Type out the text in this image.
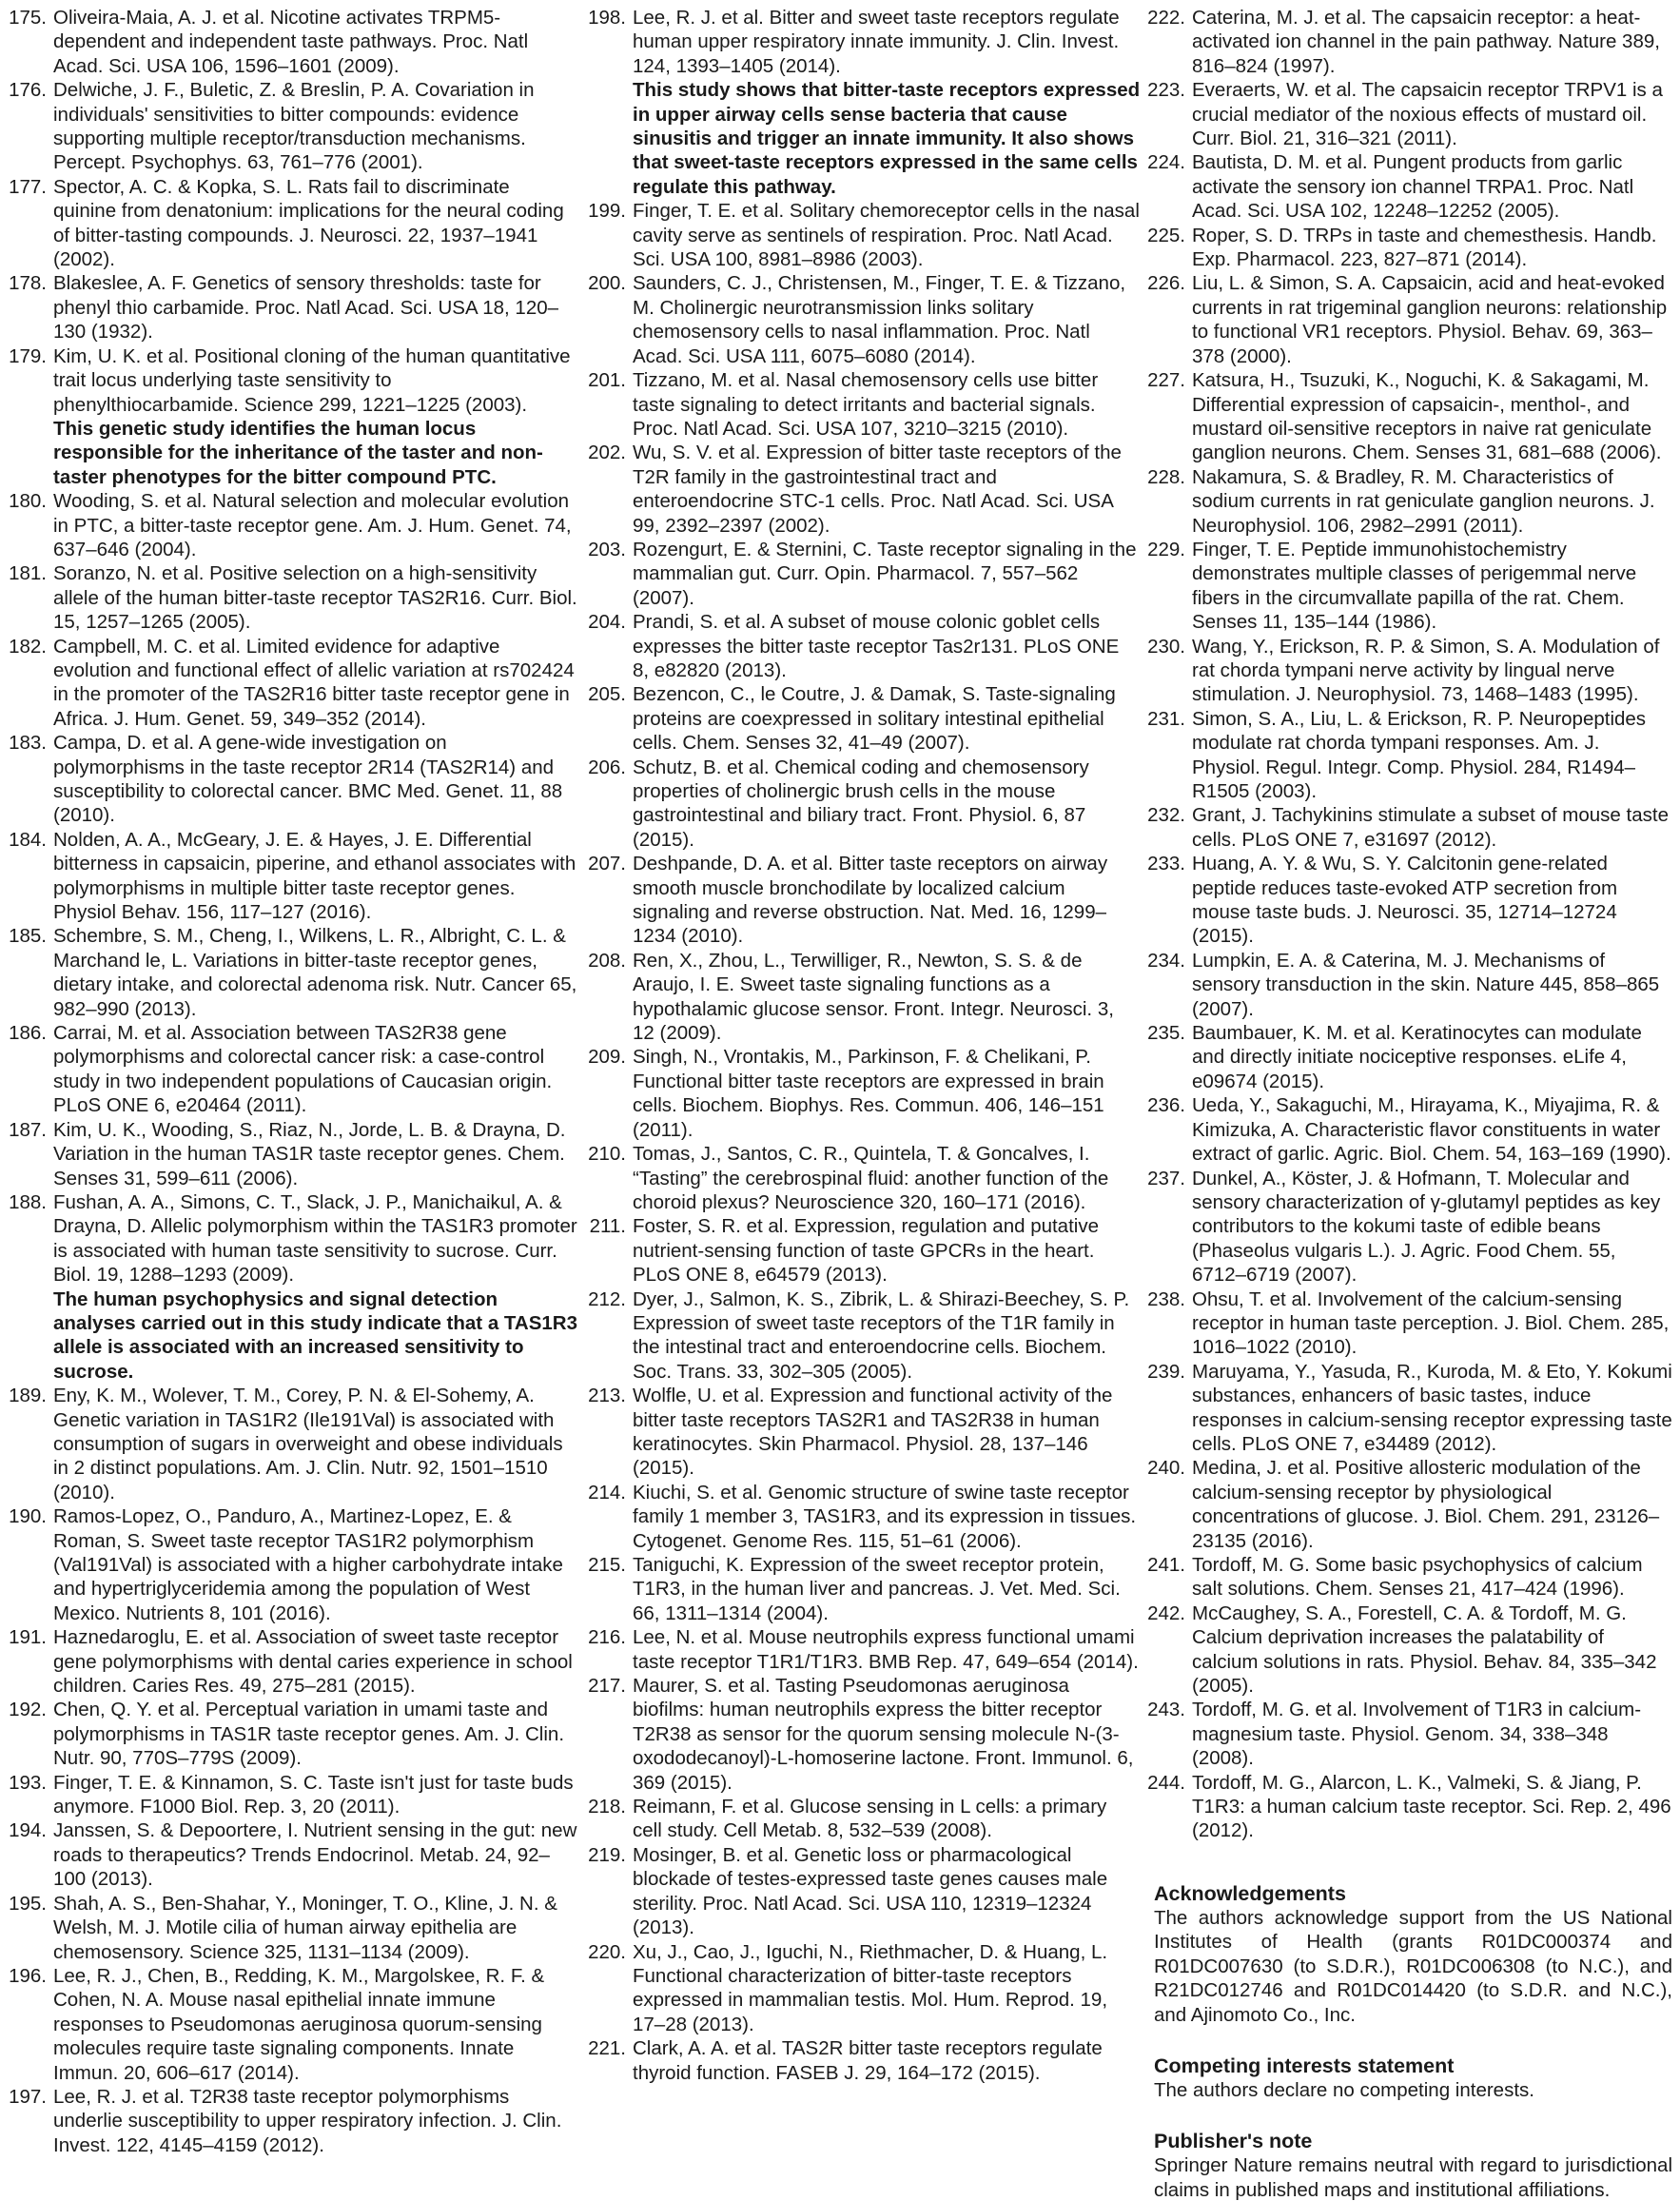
175. Oliveira-Maia, A. J. et al. Nicotine activates TRPM5-dependent and independent taste pathways. Proc. Natl Acad. Sci. USA 106, 1596–1601 (2009).
176. Delwiche, J. F., Buletic, Z. & Breslin, P. A. Covariation in individuals' sensitivities to bitter compounds: evidence supporting multiple receptor/transduction mechanisms. Percept. Psychophys. 63, 761–776 (2001).
177. Spector, A. C. & Kopka, S. L. Rats fail to discriminate quinine from denatonium: implications for the neural coding of bitter-tasting compounds. J. Neurosci. 22, 1937–1941 (2002).
178. Blakeslee, A. F. Genetics of sensory thresholds: taste for phenyl thio carbamide. Proc. Natl Acad. Sci. USA 18, 120–130 (1932).
179. Kim, U. K. et al. Positional cloning of the human quantitative trait locus underlying taste sensitivity to phenylthiocarbamide. Science 299, 1221–1225 (2003).
This genetic study identifies the human locus responsible for the inheritance of the taster and non-taster phenotypes for the bitter compound PTC.
180. Wooding, S. et al. Natural selection and molecular evolution in PTC, a bitter-taste receptor gene. Am. J. Hum. Genet. 74, 637–646 (2004).
181. Soranzo, N. et al. Positive selection on a high-sensitivity allele of the human bitter-taste receptor TAS2R16. Curr. Biol. 15, 1257–1265 (2005).
182. Campbell, M. C. et al. Limited evidence for adaptive evolution and functional effect of allelic variation at rs702424 in the promoter of the TAS2R16 bitter taste receptor gene in Africa. J. Hum. Genet. 59, 349–352 (2014).
183. Campa, D. et al. A gene-wide investigation on polymorphisms in the taste receptor 2R14 (TAS2R14) and susceptibility to colorectal cancer. BMC Med. Genet. 11, 88 (2010).
184. Nolden, A. A., McGeary, J. E. & Hayes, J. E. Differential bitterness in capsaicin, piperine, and ethanol associates with polymorphisms in multiple bitter taste receptor genes. Physiol Behav. 156, 117–127 (2016).
185. Schembre, S. M., Cheng, I., Wilkens, L. R., Albright, C. L. & Marchand le, L. Variations in bitter-taste receptor genes, dietary intake, and colorectal adenoma risk. Nutr. Cancer 65, 982–990 (2013).
186. Carrai, M. et al. Association between TAS2R38 gene polymorphisms and colorectal cancer risk: a case-control study in two independent populations of Caucasian origin. PLoS ONE 6, e20464 (2011).
187. Kim, U. K., Wooding, S., Riaz, N., Jorde, L. B. & Drayna, D. Variation in the human TAS1R taste receptor genes. Chem. Senses 31, 599–611 (2006).
188. Fushan, A. A., Simons, C. T., Slack, J. P., Manichaikul, A. & Drayna, D. Allelic polymorphism within the TAS1R3 promoter is associated with human taste sensitivity to sucrose. Curr. Biol. 19, 1288–1293 (2009).
The human psychophysics and signal detection analyses carried out in this study indicate that a TAS1R3 allele is associated with an increased sensitivity to sucrose.
189. Eny, K. M., Wolever, T. M., Corey, P. N. & El-Sohemy, A. Genetic variation in TAS1R2 (Ile191Val) is associated with consumption of sugars in overweight and obese individuals in 2 distinct populations. Am. J. Clin. Nutr. 92, 1501–1510 (2010).
190. Ramos-Lopez, O., Panduro, A., Martinez-Lopez, E. & Roman, S. Sweet taste receptor TAS1R2 polymorphism (Val191Val) is associated with a higher carbohydrate intake and hypertriglyceridemia among the population of West Mexico. Nutrients 8, 101 (2016).
191. Haznedaroglu, E. et al. Association of sweet taste receptor gene polymorphisms with dental caries experience in school children. Caries Res. 49, 275–281 (2015).
192. Chen, Q. Y. et al. Perceptual variation in umami taste and polymorphisms in TAS1R taste receptor genes. Am. J. Clin. Nutr. 90, 770S–779S (2009).
193. Finger, T. E. & Kinnamon, S. C. Taste isn't just for taste buds anymore. F1000 Biol. Rep. 3, 20 (2011).
194. Janssen, S. & Depoortere, I. Nutrient sensing in the gut: new roads to therapeutics? Trends Endocrinol. Metab. 24, 92–100 (2013).
195. Shah, A. S., Ben-Shahar, Y., Moninger, T. O., Kline, J. N. & Welsh, M. J. Motile cilia of human airway epithelia are chemosensory. Science 325, 1131–1134 (2009).
196. Lee, R. J., Chen, B., Redding, K. M., Margolskee, R. F. & Cohen, N. A. Mouse nasal epithelial innate immune responses to Pseudomonas aeruginosa quorum-sensing molecules require taste signaling components. Innate Immun. 20, 606–617 (2014).
197. Lee, R. J. et al. T2R38 taste receptor polymorphisms underlie susceptibility to upper respiratory infection. J. Clin. Invest. 122, 4145–4159 (2012).
198. Lee, R. J. et al. Bitter and sweet taste receptors regulate human upper respiratory innate immunity. J. Clin. Invest. 124, 1393–1405 (2014).
This study shows that bitter-taste receptors expressed in upper airway cells sense bacteria that cause sinusitis and trigger an innate immunity. It also shows that sweet-taste receptors expressed in the same cells regulate this pathway.
199. Finger, T. E. et al. Solitary chemoreceptor cells in the nasal cavity serve as sentinels of respiration. Proc. Natl Acad. Sci. USA 100, 8981–8986 (2003).
200. Saunders, C. J., Christensen, M., Finger, T. E. & Tizzano, M. Cholinergic neurotransmission links solitary chemosensory cells to nasal inflammation. Proc. Natl Acad. Sci. USA 111, 6075–6080 (2014).
201. Tizzano, M. et al. Nasal chemosensory cells use bitter taste signaling to detect irritants and bacterial signals. Proc. Natl Acad. Sci. USA 107, 3210–3215 (2010).
202. Wu, S. V. et al. Expression of bitter taste receptors of the T2R family in the gastrointestinal tract and enteroendocrine STC-1 cells. Proc. Natl Acad. Sci. USA 99, 2392–2397 (2002).
203. Rozengurt, E. & Sternini, C. Taste receptor signaling in the mammalian gut. Curr. Opin. Pharmacol. 7, 557–562 (2007).
204. Prandi, S. et al. A subset of mouse colonic goblet cells expresses the bitter taste receptor Tas2r131. PLoS ONE 8, e82820 (2013).
205. Bezencon, C., le Coutre, J. & Damak, S. Taste-signaling proteins are coexpressed in solitary intestinal epithelial cells. Chem. Senses 32, 41–49 (2007).
206. Schutz, B. et al. Chemical coding and chemosensory properties of cholinergic brush cells in the mouse gastrointestinal and biliary tract. Front. Physiol. 6, 87 (2015).
207. Deshpande, D. A. et al. Bitter taste receptors on airway smooth muscle bronchodilate by localized calcium signaling and reverse obstruction. Nat. Med. 16, 1299–1234 (2010).
208. Ren, X., Zhou, L., Terwilliger, R., Newton, S. S. & de Araujo, I. E. Sweet taste signaling functions as a hypothalamic glucose sensor. Front. Integr. Neurosci. 3, 12 (2009).
209. Singh, N., Vrontakis, M., Parkinson, F. & Chelikani, P. Functional bitter taste receptors are expressed in brain cells. Biochem. Biophys. Res. Commun. 406, 146–151 (2011).
210. Tomas, J., Santos, C. R., Quintela, T. & Goncalves, I. “Tasting” the cerebrospinal fluid: another function of the choroid plexus? Neuroscience 320, 160–171 (2016).
211. Foster, S. R. et al. Expression, regulation and putative nutrient-sensing function of taste GPCRs in the heart. PLoS ONE 8, e64579 (2013).
212. Dyer, J., Salmon, K. S., Zibrik, L. & Shirazi-Beechey, S. P. Expression of sweet taste receptors of the T1R family in the intestinal tract and enteroendocrine cells. Biochem. Soc. Trans. 33, 302–305 (2005).
213. Wolfle, U. et al. Expression and functional activity of the bitter taste receptors TAS2R1 and TAS2R38 in human keratinocytes. Skin Pharmacol. Physiol. 28, 137–146 (2015).
214. Kiuchi, S. et al. Genomic structure of swine taste receptor family 1 member 3, TAS1R3, and its expression in tissues. Cytogenet. Genome Res. 115, 51–61 (2006).
215. Taniguchi, K. Expression of the sweet receptor protein, T1R3, in the human liver and pancreas. J. Vet. Med. Sci. 66, 1311–1314 (2004).
216. Lee, N. et al. Mouse neutrophils express functional umami taste receptor T1R1/T1R3. BMB Rep. 47, 649–654 (2014).
217. Maurer, S. et al. Tasting Pseudomonas aeruginosa biofilms: human neutrophils express the bitter receptor T2R38 as sensor for the quorum sensing molecule N-(3-oxododecanoyl)-L-homoserine lactone. Front. Immunol. 6, 369 (2015).
218. Reimann, F. et al. Glucose sensing in L cells: a primary cell study. Cell Metab. 8, 532–539 (2008).
219. Mosinger, B. et al. Genetic loss or pharmacological blockade of testes-expressed taste genes causes male sterility. Proc. Natl Acad. Sci. USA 110, 12319–12324 (2013).
220. Xu, J., Cao, J., Iguchi, N., Riethmacher, D. & Huang, L. Functional characterization of bitter-taste receptors expressed in mammalian testis. Mol. Hum. Reprod. 19, 17–28 (2013).
221. Clark, A. A. et al. TAS2R bitter taste receptors regulate thyroid function. FASEB J. 29, 164–172 (2015).
222. Caterina, M. J. et al. The capsaicin receptor: a heat-activated ion channel in the pain pathway. Nature 389, 816–824 (1997).
223. Everaerts, W. et al. The capsaicin receptor TRPV1 is a crucial mediator of the noxious effects of mustard oil. Curr. Biol. 21, 316–321 (2011).
224. Bautista, D. M. et al. Pungent products from garlic activate the sensory ion channel TRPA1. Proc. Natl Acad. Sci. USA 102, 12248–12252 (2005).
225. Roper, S. D. TRPs in taste and chemesthesis. Handb. Exp. Pharmacol. 223, 827–871 (2014).
226. Liu, L. & Simon, S. A. Capsaicin, acid and heat-evoked currents in rat trigeminal ganglion neurons: relationship to functional VR1 receptors. Physiol. Behav. 69, 363–378 (2000).
227. Katsura, H., Tsuzuki, K., Noguchi, K. & Sakagami, M. Differential expression of capsaicin-, menthol-, and mustard oil-sensitive receptors in naive rat geniculate ganglion neurons. Chem. Senses 31, 681–688 (2006).
228. Nakamura, S. & Bradley, R. M. Characteristics of sodium currents in rat geniculate ganglion neurons. J. Neurophysiol. 106, 2982–2991 (2011).
229. Finger, T. E. Peptide immunohistochemistry demonstrates multiple classes of perigemmal nerve fibers in the circumvallate papilla of the rat. Chem. Senses 11, 135–144 (1986).
230. Wang, Y., Erickson, R. P. & Simon, S. A. Modulation of rat chorda tympani nerve activity by lingual nerve stimulation. J. Neurophysiol. 73, 1468–1483 (1995).
231. Simon, S. A., Liu, L. & Erickson, R. P. Neuropeptides modulate rat chorda tympani responses. Am. J. Physiol. Regul. Integr. Comp. Physiol. 284, R1494–R1505 (2003).
232. Grant, J. Tachykinins stimulate a subset of mouse taste cells. PLoS ONE 7, e31697 (2012).
233. Huang, A. Y. & Wu, S. Y. Calcitonin gene-related peptide reduces taste-evoked ATP secretion from mouse taste buds. J. Neurosci. 35, 12714–12724 (2015).
234. Lumpkin, E. A. & Caterina, M. J. Mechanisms of sensory transduction in the skin. Nature 445, 858–865 (2007).
235. Baumbauer, K. M. et al. Keratinocytes can modulate and directly initiate nociceptive responses. eLife 4, e09674 (2015).
236. Ueda, Y., Sakaguchi, M., Hirayama, K., Miyajima, R. & Kimizuka, A. Characteristic flavor constituents in water extract of garlic. Agric. Biol. Chem. 54, 163–169 (1990).
237. Dunkel, A., Köster, J. & Hofmann, T. Molecular and sensory characterization of γ-glutamyl peptides as key contributors to the kokumi taste of edible beans (Phaseolus vulgaris L.). J. Agric. Food Chem. 55, 6712–6719 (2007).
238. Ohsu, T. et al. Involvement of the calcium-sensing receptor in human taste perception. J. Biol. Chem. 285, 1016–1022 (2010).
239. Maruyama, Y., Yasuda, R., Kuroda, M. & Eto, Y. Kokumi substances, enhancers of basic tastes, induce responses in calcium-sensing receptor expressing taste cells. PLoS ONE 7, e34489 (2012).
240. Medina, J. et al. Positive allosteric modulation of the calcium-sensing receptor by physiological concentrations of glucose. J. Biol. Chem. 291, 23126–23135 (2016).
241. Tordoff, M. G. Some basic psychophysics of calcium salt solutions. Chem. Senses 21, 417–424 (1996).
242. McCaughey, S. A., Forestell, C. A. & Tordoff, M. G. Calcium deprivation increases the palatability of calcium solutions in rats. Physiol. Behav. 84, 335–342 (2005).
243. Tordoff, M. G. et al. Involvement of T1R3 in calcium-magnesium taste. Physiol. Genom. 34, 338–348 (2008).
244. Tordoff, M. G., Alarcon, L. K., Valmeki, S. & Jiang, P. T1R3: a human calcium taste receptor. Sci. Rep. 2, 496 (2012).

Acknowledgements

The authors acknowledge support from the US National Institutes of Health (grants R01DC000374 and R01DC007630 (to S.D.R.), R01DC006308 (to N.C.), and R21DC012746 and R01DC014420 (to S.D.R. and N.C.), and Ajinomoto Co., Inc.

Competing interests statement

The authors declare no competing interests.

Publisher's note

Springer Nature remains neutral with regard to jurisdictional claims in published maps and institutional affiliations.
